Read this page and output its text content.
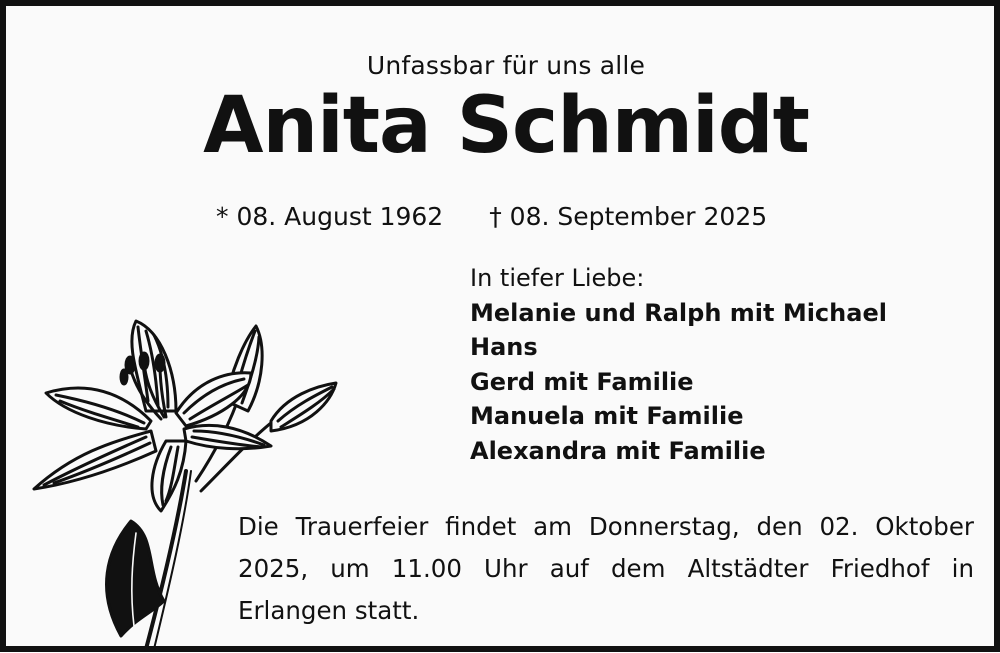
Unfassbar für uns alle
Anita Schmidt
* 08. August 1962 † 08. September 2025
In tiefer Liebe:
Melanie und Ralph mit Michael
Hans
Gerd mit Familie
Manuela mit Familie
Alexandra mit Familie
Die Trauerfeier findet am Donnerstag, den 02. Oktober 2025, um 11.00 Uhr auf dem Altstädter Friedhof in Erlangen statt.
